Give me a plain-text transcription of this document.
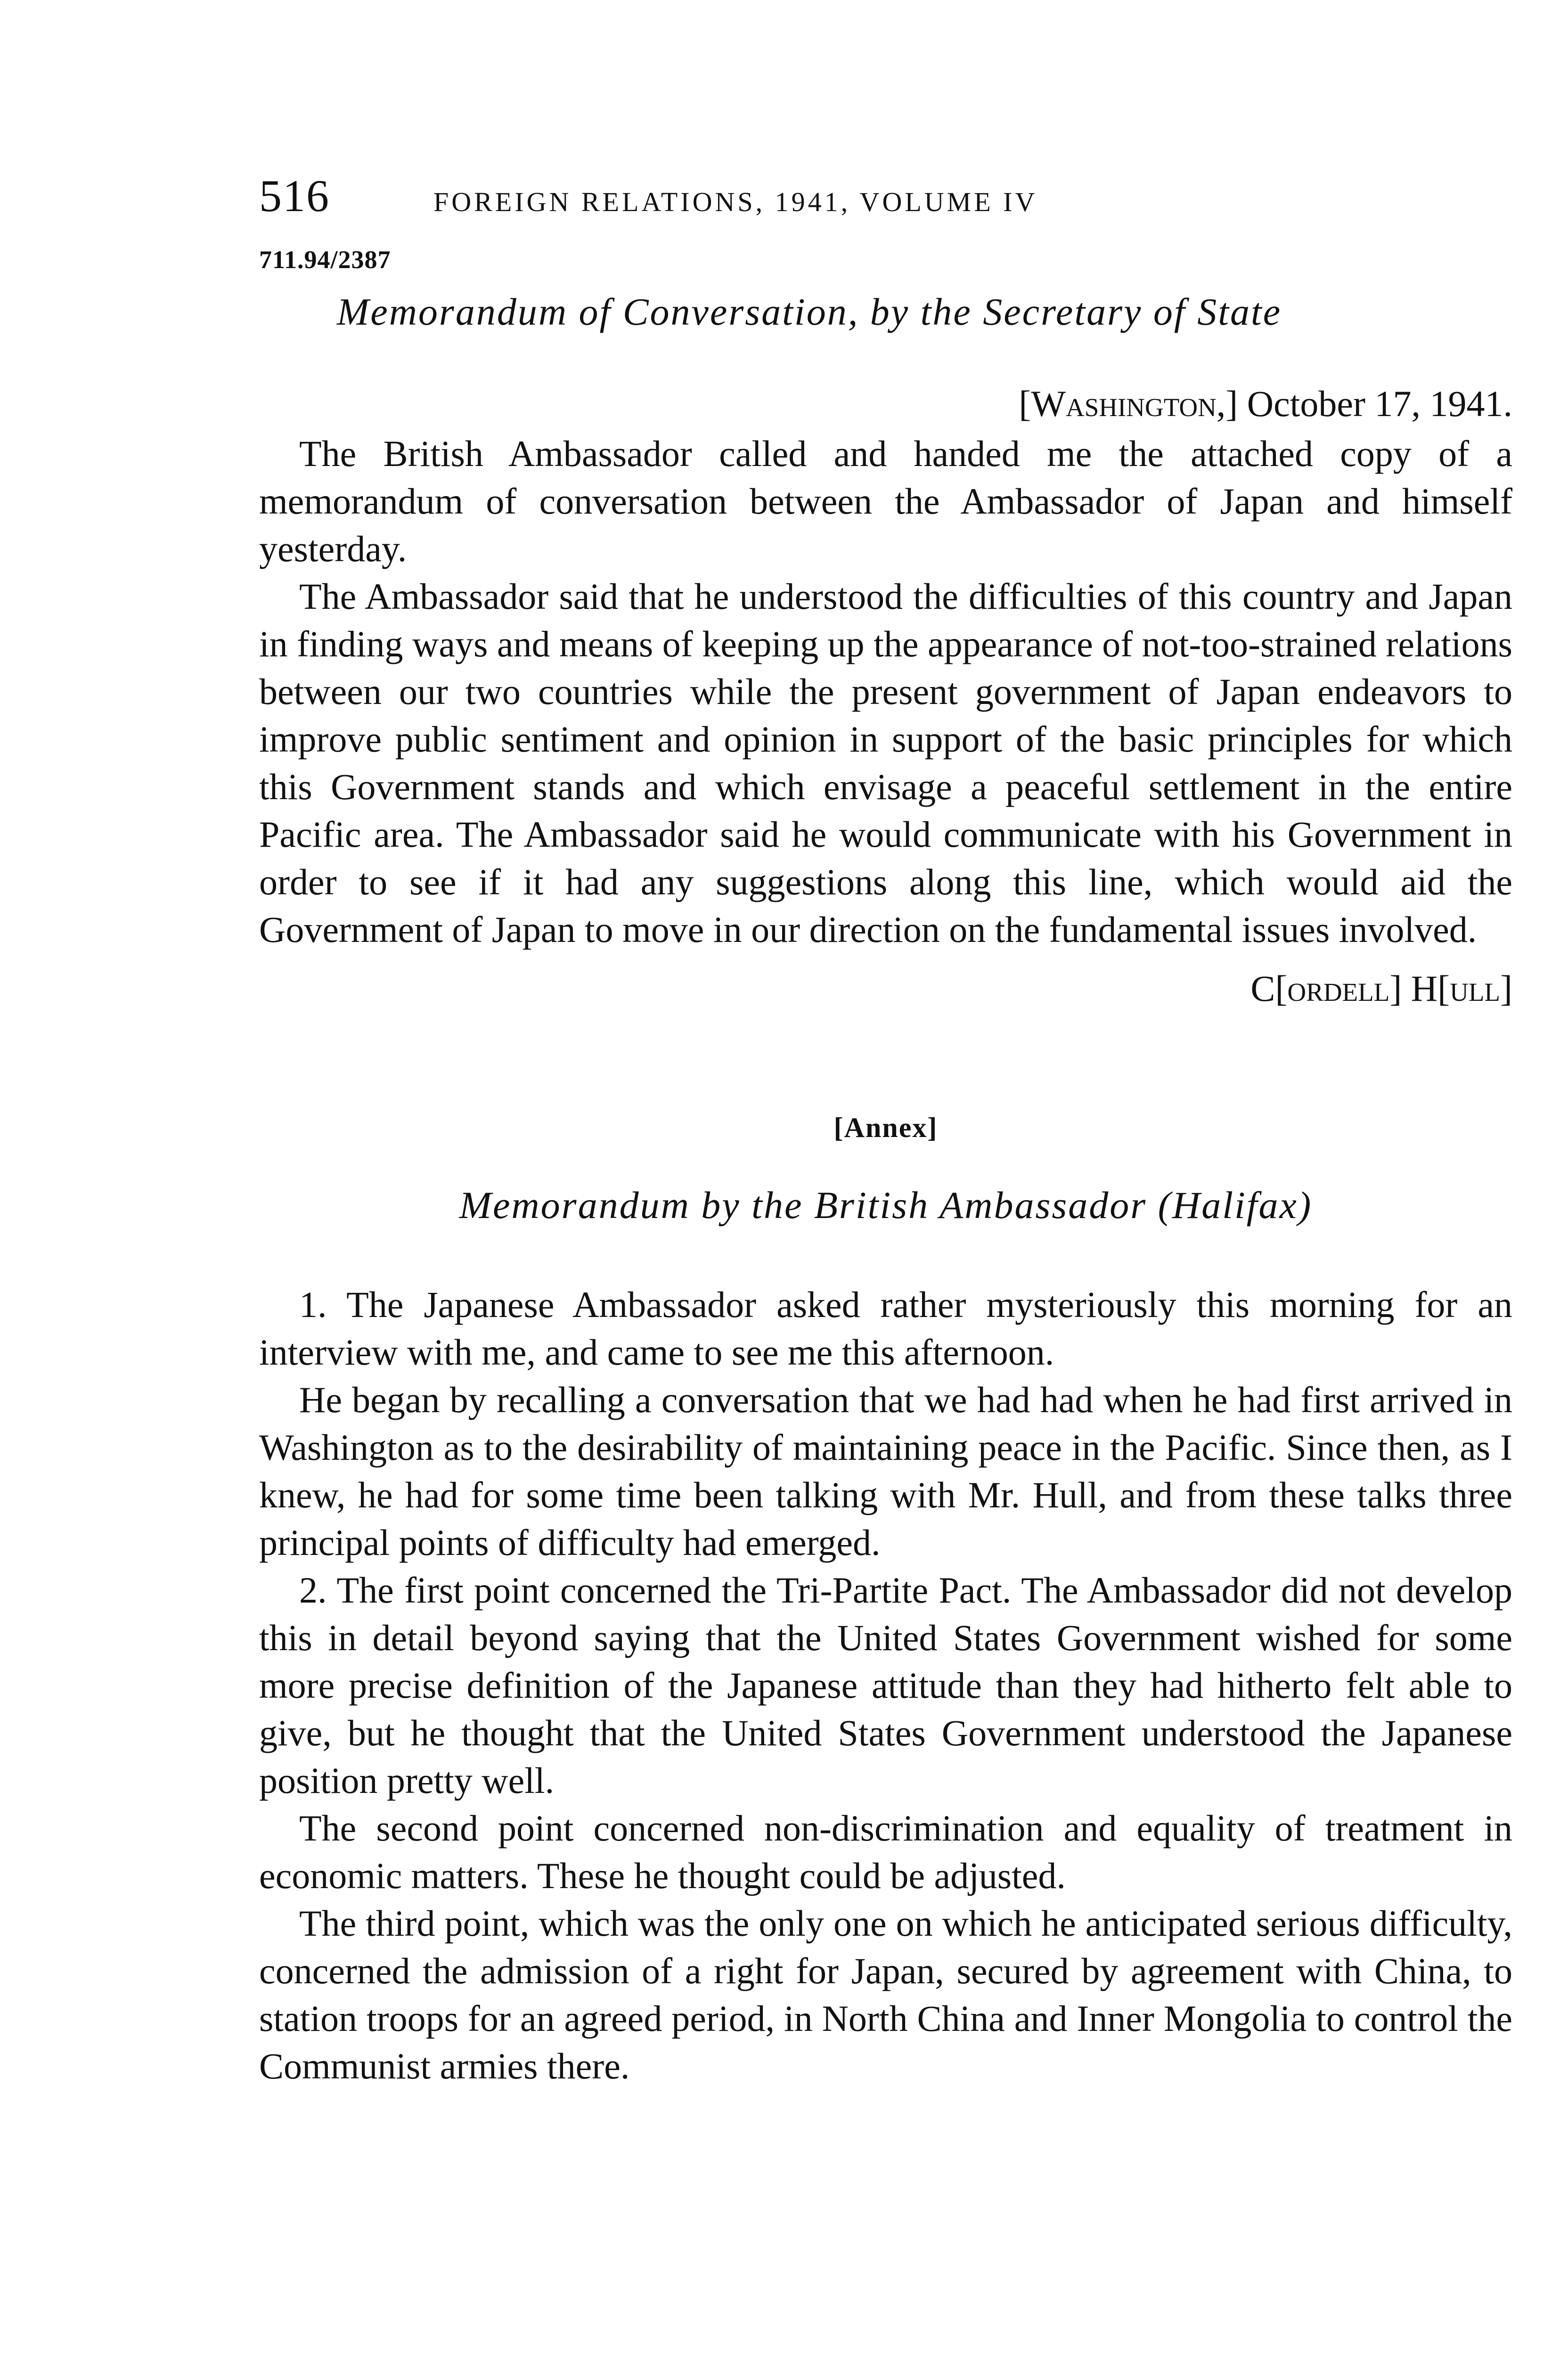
516	FOREIGN RELATIONS, 1941, VOLUME IV
711.94/2387
Memorandum of Conversation, by the Secretary of State
[Washington,] October 17, 1941.

The British Ambassador called and handed me the attached copy of a memorandum of conversation between the Ambassador of Japan and himself yesterday.

The Ambassador said that he understood the difficulties of this country and Japan in finding ways and means of keeping up the appearance of not-too-strained relations between our two countries while the present government of Japan endeavors to improve public sentiment and opinion in support of the basic principles for which this Government stands and which envisage a peaceful settlement in the entire Pacific area. The Ambassador said he would communicate with his Government in order to see if it had any suggestions along this line, which would aid the Government of Japan to move in our direction on the fundamental issues involved.

C[ordell] H[ull]
[Annex]
Memorandum by the British Ambassador (Halifax)

1. The Japanese Ambassador asked rather mysteriously this morning for an interview with me, and came to see me this afternoon.

He began by recalling a conversation that we had had when he had first arrived in Washington as to the desirability of maintaining peace in the Pacific. Since then, as I knew, he had for some time been talking with Mr. Hull, and from these talks three principal points of difficulty had emerged.

2. The first point concerned the Tri-Partite Pact. The Ambassador did not develop this in detail beyond saying that the United States Government wished for some more precise definition of the Japanese attitude than they had hitherto felt able to give, but he thought that the United States Government understood the Japanese position pretty well.

The second point concerned non-discrimination and equality of treatment in economic matters. These he thought could be adjusted.

The third point, which was the only one on which he anticipated serious difficulty, concerned the admission of a right for Japan, secured by agreement with China, to station troops for an agreed period, in North China and Inner Mongolia to control the Communist armies there.
